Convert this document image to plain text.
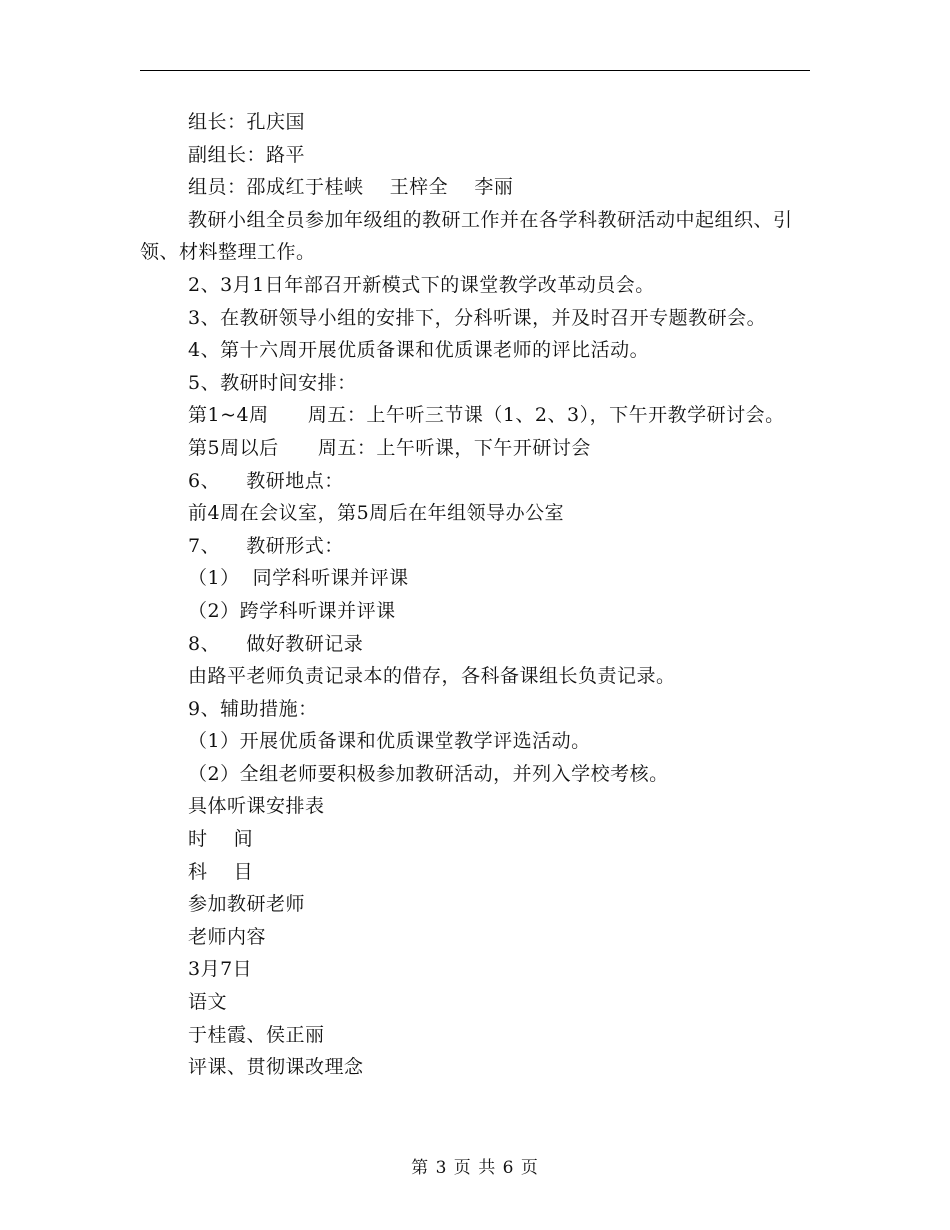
组长：孔庆国

副组长：路平

组员：邵成红于桂峡    王梓全    李丽

教研小组全员参加年级组的教研工作并在各学科教研活动中起组织、引领、材料整理工作。

2、3月1日年部召开新模式下的课堂教学改革动员会。

3、在教研领导小组的安排下，分科听课，并及时召开专题教研会。

4、第十六周开展优质备课和优质课老师的评比活动。

5、教研时间安排：

第1~4周      周五：上午听三节课（1、2、3），下午开教学研讨会。

第5周以后      周五：上午听课，下午开研讨会

6、    教研地点：

前4周在会议室，第5周后在年组领导办公室

7、    教研形式：

（1）  同学科听课并评课

（2）跨学科听课并评课

8、    做好教研记录

由路平老师负责记录本的借存，各科备课组长负责记录。

9、辅助措施：

（1）开展优质备课和优质课堂教学评选活动。

（2）全组老师要积极参加教研活动，并列入学校考核。

具体听课安排表

时    间

科    目

参加教研老师

老师内容

3月7日

语文

于桂霞、侯正丽

评课、贯彻课改理念

第 3 页 共 6 页
